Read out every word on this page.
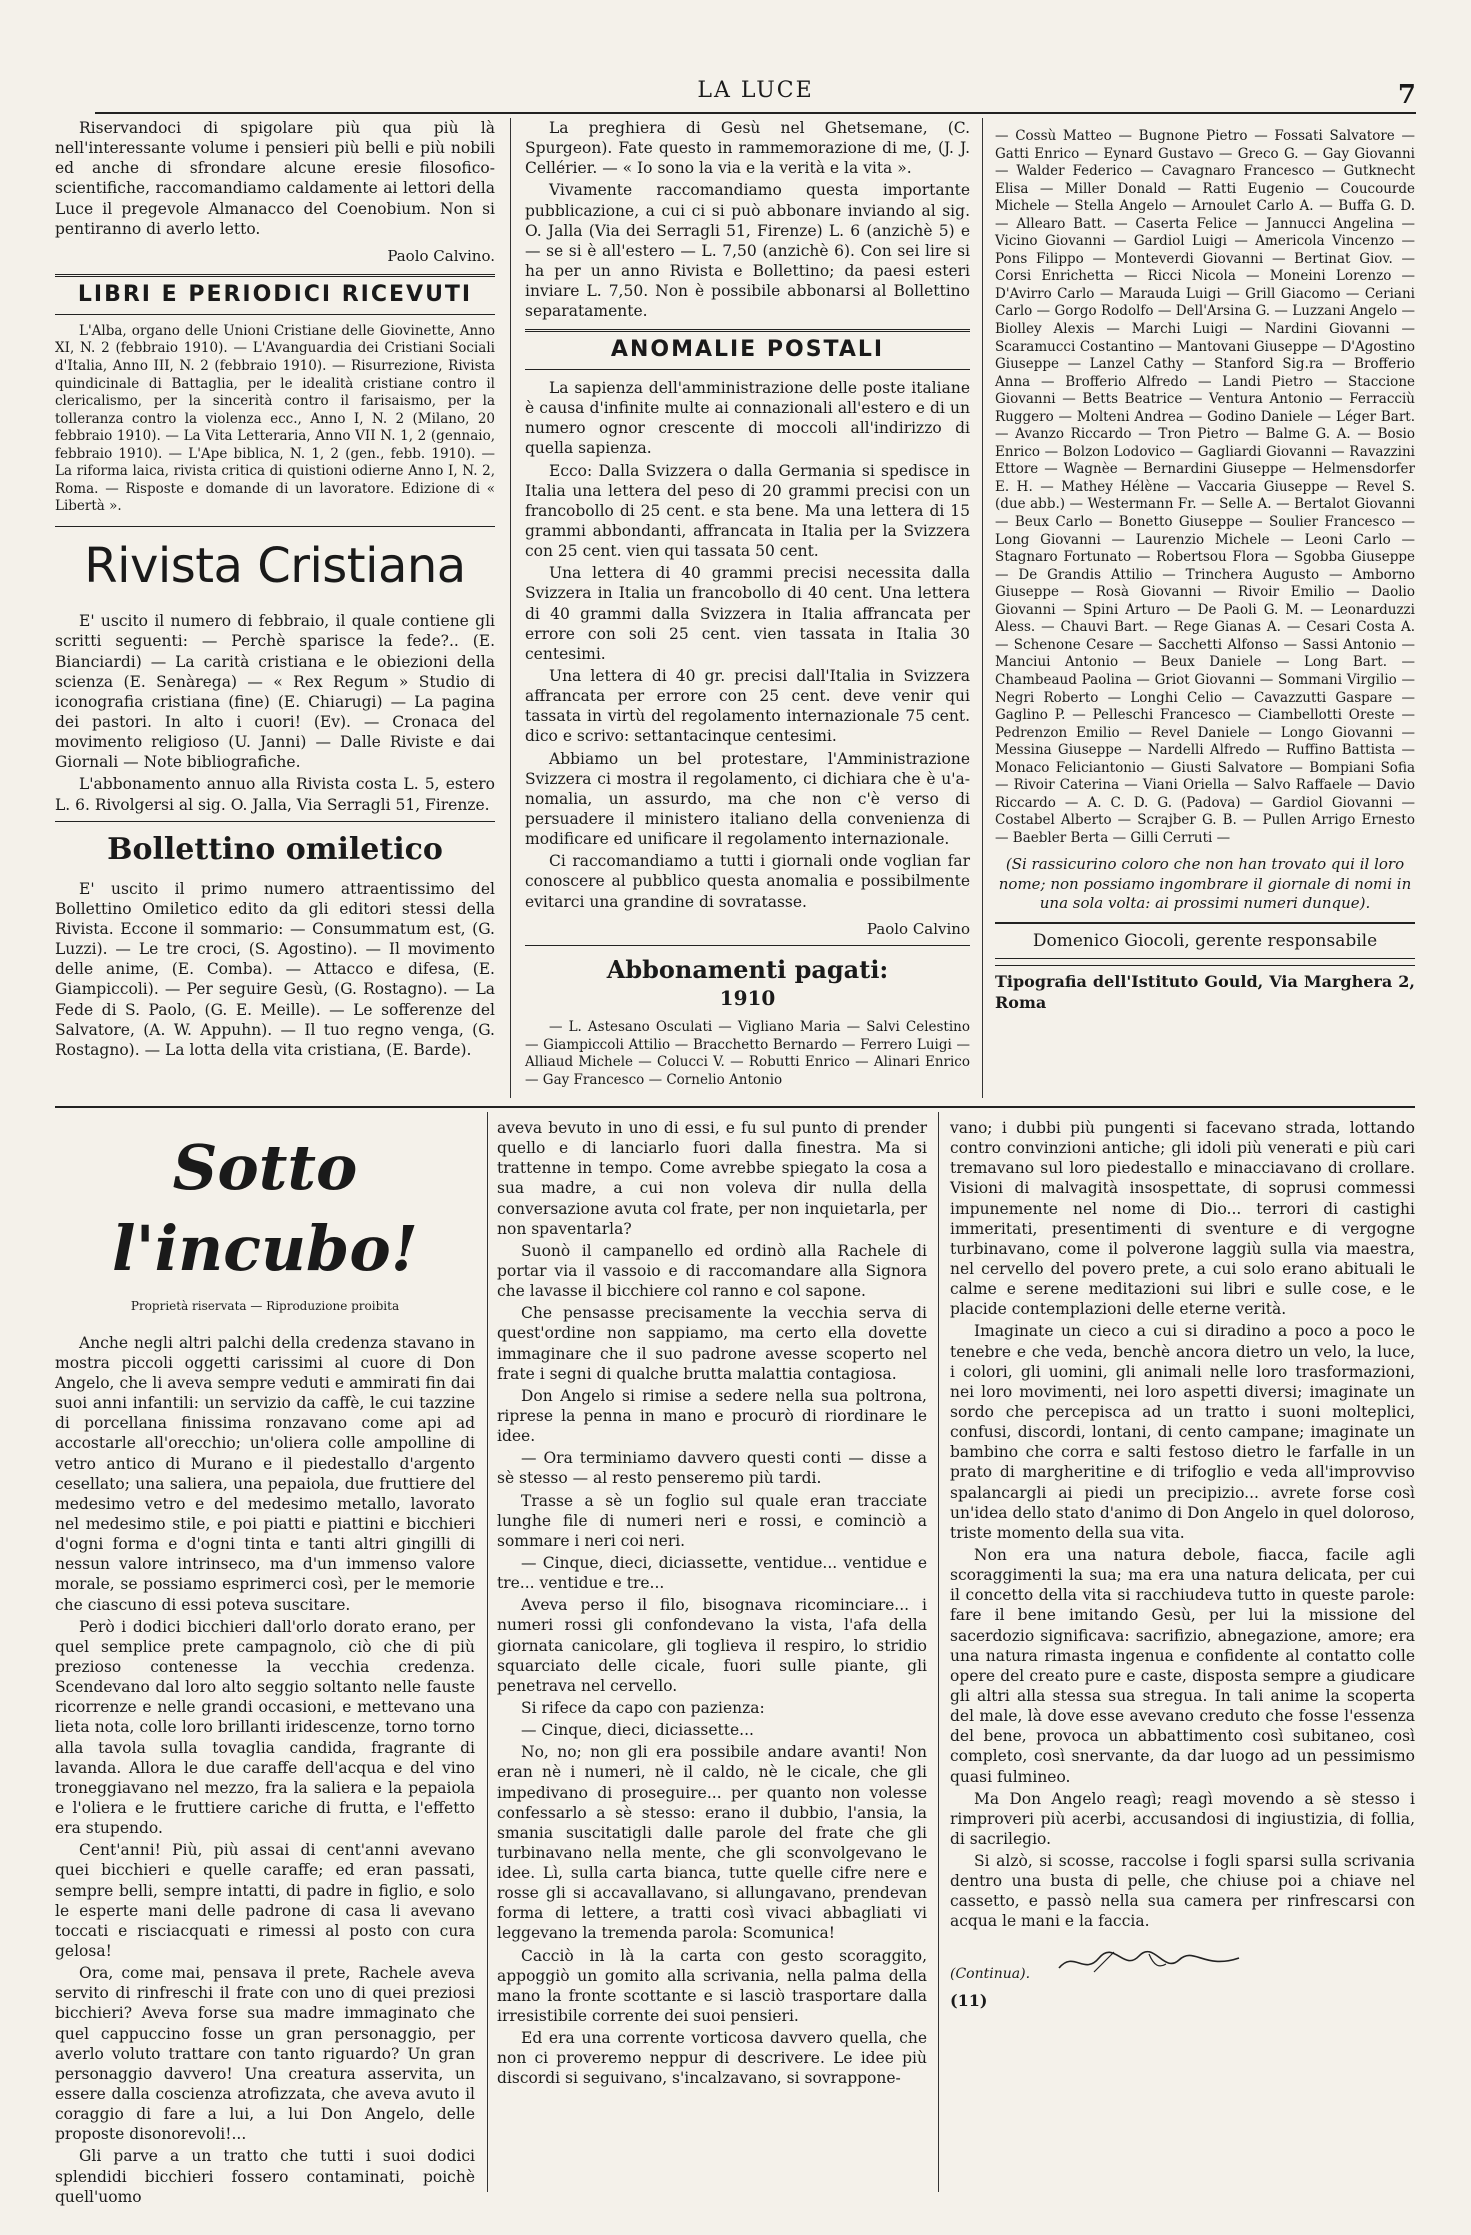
LA LUCE	7

Riservandoci di spigolare più qua più là nell'interessante volume i pensieri più belli e più nobili ed anche di sfrondare alcune eresie filosofico-scientifiche, raccomandiamo caldamente ai lettori della Luce il pregevole Almanacco del Coenobium. Non si pentiranno di averlo letto.

Paolo Calvino.
LIBRI E PERIODICI RICEVUTI

L'Alba, organo delle Unioni Cristiane delle Giovinette, Anno XI, N. 2 (febbraio 1910). — L'Avanguardia dei Cristiani Sociali d'Italia, Anno III, N. 2 (febbraio 1910). — Risurrezione, Rivista quindicinale di Battaglia, per le idealità cristiane contro il clericalismo, per la sincerità contro il farisaismo, per la tolleranza contro la violenza ecc., Anno I, N. 2 (Milano, 20 febbraio 1910). — La Vita Letteraria, Anno VII N. 1, 2 (gennaio, febbraio 1910). — L'Ape biblica, N. 1, 2 (gen., febb. 1910). — La riforma laica, rivista critica di quistioni odierne Anno I, N. 2, Roma. — Risposte e domande di un lavoratore. Edizione di « Libertà ».

Rivista Cristiana

E' uscito il numero di febbraio, il quale contiene gli scritti seguenti: — Perchè sparisce la fede?.. (E. Bianciardi) — La carità cristiana e le obiezioni della scienza (E. Senàrega) — « Rex Regum » Studio di iconografia cristiana (fine) (E. Chiarugi) — La pagina dei pastori. In alto i cuori! (Ev). — Cronaca del movimento religioso (U. Janni) — Dalle Riviste e dai Giornali — Note bibliografiche.

L'abbonamento annuo alla Rivista costa L. 5, estero L. 6. Rivolgersi al sig. O. Jalla, Via Serragli 51, Firenze.

Bollettino omiletico

E' uscito il primo numero attraentissimo del Bollettino Omiletico edito da gli editori stessi della Rivista. Eccone il sommario: — Consummatum est, (G. Luzzi). — Le tre croci, (S. Agostino). — Il movimento delle anime, (E. Comba). — Attacco e difesa, (E. Giampiccoli). — Per seguire Gesù, (G. Rostagno). — La Fede di S. Paolo, (G. E. Meille). — Le sofferenze del Salvatore, (A. W. Appuhn). — Il tuo regno venga, (G. Rostagno). — La lotta della vita cristiana, (E. Barde).

La preghiera di Gesù nel Ghetsemane, (C. Spurgeon). Fate questo in rammemorazione di me, (J. J. Cellérier. — « Io sono la via e la verità e la vita ».

Vivamente raccomandiamo questa importante pubblicazione, a cui ci si può abbonare inviando al sig. O. Jalla (Via dei Serragli 51, Firenze) L. 6 (anzichè 5) e — se si è all'estero — L. 7,50 (anzichè 6). Con sei lire si ha per un anno Rivista e Bollettino; da paesi esteri inviare L. 7,50. Non è possibile abbonarsi al Bollettino separatamente.

ANOMALIE POSTALI

La sapienza dell'amministrazione delle poste italiane è causa d'infinite multe ai connazionali all'estero e di un numero ognor crescente di moccoli all'indirizzo di quella sapienza.

Ecco: Dalla Svizzera o dalla Germania si spedisce in Italia una lettera del peso di 20 grammi precisi con un francobollo di 25 cent. e sta bene. Ma una lettera di 15 grammi abbondanti, affrancata in Italia per la Svizzera con 25 cent. vien qui tassata 50 cent.

Una lettera di 40 grammi precisi necessita dalla Svizzera in Italia un francobollo di 40 cent. Una lettera di 40 grammi dalla Svizzera in Italia affrancata per errore con soli 25 cent. vien tassata in Italia 30 centesimi.

Una lettera di 40 gr. precisi dall'Italia in Svizzera affrancata per errore con 25 cent. deve venir qui tassata in virtù del regolamento internazionale 75 cent. dico e scrivo: settantacinque centesimi.

Abbiamo un bel protestare, l'Amministrazione Svizzera ci mostra il regolamento, ci dichiara che è u'a-nomalia, un assurdo, ma che non c'è verso di persuadere il ministero italiano della convenienza di modificare ed unificare il regolamento internazionale.

Ci raccomandiamo a tutti i giornali onde voglian far conoscere al pubblico questa anomalia e possibilmente evitarci una grandine di sovratasse.

Paolo Calvino
Abbonamenti pagati:
1910

— L. Astesano Osculati — Vigliano Maria — Salvi Celestino — Giampiccoli Attilio — Bracchetto Bernardo — Ferrero Luigi — Alliaud Michele — Colucci V. — Robutti Enrico — Alinari Enrico — Gay Francesco — Cornelio Antonio

— Cossù Matteo — Bugnone Pietro — Fossati Salvatore — Gatti Enrico — Eynard Gustavo — Greco G. — Gay Giovanni — Walder Federico — Cavagnaro Francesco — Gutknecht Elisa — Miller Donald — Ratti Eugenio — Coucourde Michele — Stella Angelo — Arnoulet Carlo A. — Buffa G. D. — Allearo Batt. — Caserta Felice — Jannucci Angelina — Vicino Giovanni — Gardiol Luigi — Americola Vincenzo — Pons Filippo — Monteverdi Giovanni — Bertinat Giov. — Corsi Enrichetta — Ricci Nicola — Moneini Lorenzo — D'Avirro Carlo — Marauda Luigi — Grill Giacomo — Ceriani Carlo — Gorgo Rodolfo — Dell'Arsina G. — Luzzani Angelo — Biolley Alexis — Marchi Luigi — Nardini Giovanni — Scaramucci Costantino — Mantovani Giuseppe — D'Agostino Giuseppe — Lanzel Cathy — Stanford Sig.ra — Brofferio Anna — Brofferio Alfredo — Landi Pietro — Staccione Giovanni — Betts Beatrice — Ventura Antonio — Ferracciù Ruggero — Molteni Andrea — Godino Daniele — Léger Bart. — Avanzo Riccardo — Tron Pietro — Balme G. A. — Bosio Enrico — Bolzon Lodovico — Gagliardi Giovanni — Ravazzini Ettore — Wagnèe — Bernardini Giuseppe — Helmensdorfer E. H. — Mathey Hélène — Vaccaria Giuseppe — Revel S. (due abb.) — Westermann Fr. — Selle A. — Bertalot Giovanni — Beux Carlo — Bonetto Giuseppe — Soulier Francesco — Long Giovanni — Laurenzio Michele — Leoni Carlo — Stagnaro Fortunato — Robertsou Flora — Sgobba Giuseppe — De Grandis Attilio — Trinchera Augusto — Amborno Giuseppe — Rosà Giovanni — Rivoir Emilio — Daolio Giovanni — Spini Arturo — De Paoli G. M. — Leonarduzzi Aless. — Chauvi Bart. — Rege Gianas A. — Cesari Costa A. — Schenone Cesare — Sacchetti Alfonso — Sassi Antonio — Manciui Antonio — Beux Daniele — Long Bart. — Chambeaud Paolina — Griot Giovanni — Sommani Virgilio — Negri Roberto — Longhi Celio — Cavazzutti Gaspare — Gaglino P. — Pelleschi Francesco — Ciambellotti Oreste — Pedrenzon Emilio — Revel Daniele — Longo Giovanni — Messina Giuseppe — Nardelli Alfredo — Ruffino Battista — Monaco Feliciantonio — Giusti Salvatore — Bompiani Sofia — Rivoir Caterina — Viani Oriella — Salvo Raffaele — Davio Riccardo — A. C. D. G. (Padova) — Gardiol Giovanni — Costabel Alberto — Scrajber G. B. — Pullen Arrigo Ernesto — Baebler Berta — Gilli Cerruti —

(Si rassicurino coloro che non han trovato qui il loro nome; non possiamo ingombrare il giornale di nomi in una sola volta: ai prossimi numeri dunque).
Domenico Giocoli, gerente responsabile
Tipografia dell'Istituto Gould, Via Marghera 2, Roma
Sotto l'incubo!
Proprietà riservata — Riproduzione proibita

Anche negli altri palchi della credenza stavano in mostra piccoli oggetti carissimi al cuore di Don Angelo, che li aveva sempre veduti e ammirati fin dai suoi anni infantili: un servizio da caffè, le cui tazzine di porcellana finissima ronzavano come api ad accostarle all'orecchio; un'oliera colle ampolline di vetro antico di Murano e il piedestallo d'argento cesellato; una saliera, una pepaiola, due fruttiere del medesimo vetro e del medesimo metallo, lavorato nel medesimo stile, e poi piatti e piattini e bicchieri d'ogni forma e d'ogni tinta e tanti altri gingilli di nessun valore intrinseco, ma d'un immenso valore morale, se possiamo esprimerci così, per le memorie che ciascuno di essi poteva suscitare.

Però i dodici bicchieri dall'orlo dorato erano, per quel semplice prete campagnolo, ciò che di più prezioso contenesse la vecchia credenza. Scendevano dal loro alto seggio soltanto nelle fauste ricorrenze e nelle grandi occasioni, e mettevano una lieta nota, colle loro brillanti iridescenze, torno torno alla tavola sulla tovaglia candida, fragrante di lavanda. Allora le due caraffe dell'acqua e del vino troneggiavano nel mezzo, fra la saliera e la pepaiola e l'oliera e le fruttiere cariche di frutta, e l'effetto era stupendo.

Cent'anni! Più, più assai di cent'anni avevano quei bicchieri e quelle caraffe; ed eran passati, sempre belli, sempre intatti, di padre in figlio, e solo le esperte mani delle padrone di casa li avevano toccati e risciacquati e rimessi al posto con cura gelosa!

Ora, come mai, pensava il prete, Rachele aveva servito di rinfreschi il frate con uno di quei preziosi bicchieri? Aveva forse sua madre immaginato che quel cappuccino fosse un gran personaggio, per averlo voluto trattare con tanto riguardo? Un gran personaggio davvero! Una creatura asservita, un essere dalla coscienza atrofizzata, che aveva avuto il coraggio di fare a lui, a lui Don Angelo, delle proposte disonorevoli!...

Gli parve a un tratto che tutti i suoi dodici splendidi bicchieri fossero contaminati, poichè quell'uomo

aveva bevuto in uno di essi, e fu sul punto di prender quello e di lanciarlo fuori dalla finestra. Ma si trattenne in tempo. Come avrebbe spiegato la cosa a sua madre, a cui non voleva dir nulla della conversazione avuta col frate, per non inquietarla, per non spaventarla?

Suonò il campanello ed ordinò alla Rachele di portar via il vassoio e di raccomandare alla Signora che lavasse il bicchiere col ranno e col sapone.

Che pensasse precisamente la vecchia serva di quest'ordine non sappiamo, ma certo ella dovette immaginare che il suo padrone avesse scoperto nel frate i segni di qualche brutta malattia contagiosa.

Don Angelo si rimise a sedere nella sua poltrona, riprese la penna in mano e procurò di riordinare le idee.

— Ora terminiamo davvero questi conti — disse a sè stesso — al resto penseremo più tardi.

Trasse a sè un foglio sul quale eran tracciate lunghe file di numeri neri e rossi, e cominciò a sommare i neri coi neri.

— Cinque, dieci, diciassette, ventidue... ventidue e tre... ventidue e tre...

Aveva perso il filo, bisognava ricominciare... i numeri rossi gli confondevano la vista, l'afa della giornata canicolare, gli toglieva il respiro, lo stridio squarciato delle cicale, fuori sulle piante, gli penetrava nel cervello.

Si rifece da capo con pazienza:

— Cinque, dieci, diciassette...

No, no; non gli era possibile andare avanti! Non eran nè i numeri, nè il caldo, nè le cicale, che gli impedivano di proseguire... per quanto non volesse confessarlo a sè stesso: erano il dubbio, l'ansia, la smania suscitatigli dalle parole del frate che gli turbinavano nella mente, che gli sconvolgevano le idee. Lì, sulla carta bianca, tutte quelle cifre nere e rosse gli si accavallavano, si allungavano, prendevan forma di lettere, a tratti così vivaci abbagliati vi leggevano la tremenda parola: Scomunica!

Cacciò in là la carta con gesto scoraggito, appoggiò un gomito alla scrivania, nella palma della mano la fronte scottante e si lasciò trasportare dalla irresistibile corrente dei suoi pensieri.

Ed era una corrente vorticosa davvero quella, che non ci proveremo neppur di descrivere. Le idee più discordi si seguivano, s'incalzavano, si sovrappone-

vano; i dubbi più pungenti si facevano strada, lottando contro convinzioni antiche; gli idoli più venerati e più cari tremavano sul loro piedestallo e minacciavano di crollare. Visioni di malvagità insospettate, di soprusi commessi impunemente nel nome di Dio... terrori di castighi immeritati, presentimenti di sventure e di vergogne turbinavano, come il polverone laggiù sulla via maestra, nel cervello del povero prete, a cui solo erano abituali le calme e serene meditazioni sui libri e sulle cose, e le placide contemplazioni delle eterne verità.

Imaginate un cieco a cui si diradino a poco a poco le tenebre e che veda, benchè ancora dietro un velo, la luce, i colori, gli uomini, gli animali nelle loro trasformazioni, nei loro movimenti, nei loro aspetti diversi; imaginate un sordo che percepisca ad un tratto i suoni molteplici, confusi, discordi, lontani, di cento campane; imaginate un bambino che corra e salti festoso dietro le farfalle in un prato di margheritine e di trifoglio e veda all'improvviso spalancargli ai piedi un precipizio... avrete forse così un'idea dello stato d'animo di Don Angelo in quel doloroso, triste momento della sua vita.

Non era una natura debole, fiacca, facile agli scoraggimenti la sua; ma era una natura delicata, per cui il concetto della vita si racchiudeva tutto in queste parole: fare il bene imitando Gesù, per lui la missione del sacerdozio significava: sacrifizio, abnegazione, amore; era una natura rimasta ingenua e confidente al contatto colle opere del creato pure e caste, disposta sempre a giudicare gli altri alla stessa sua stregua. In tali anime la scoperta del male, là dove esse avevano creduto che fosse l'essenza del bene, provoca un abbattimento così subitaneo, così completo, così snervante, da dar luogo ad un pessimismo quasi fulmineo.

Ma Don Angelo reagì; reagì movendo a sè stesso i rimproveri più acerbi, accusandosi di ingiustizia, di follia, di sacrilegio.

Si alzò, si scosse, raccolse i fogli sparsi sulla scrivania dentro una busta di pelle, che chiuse poi a chiave nel cassetto, e passò nella sua camera per rinfrescarsi con acqua le mani e la faccia.

(Continua).
(11)
